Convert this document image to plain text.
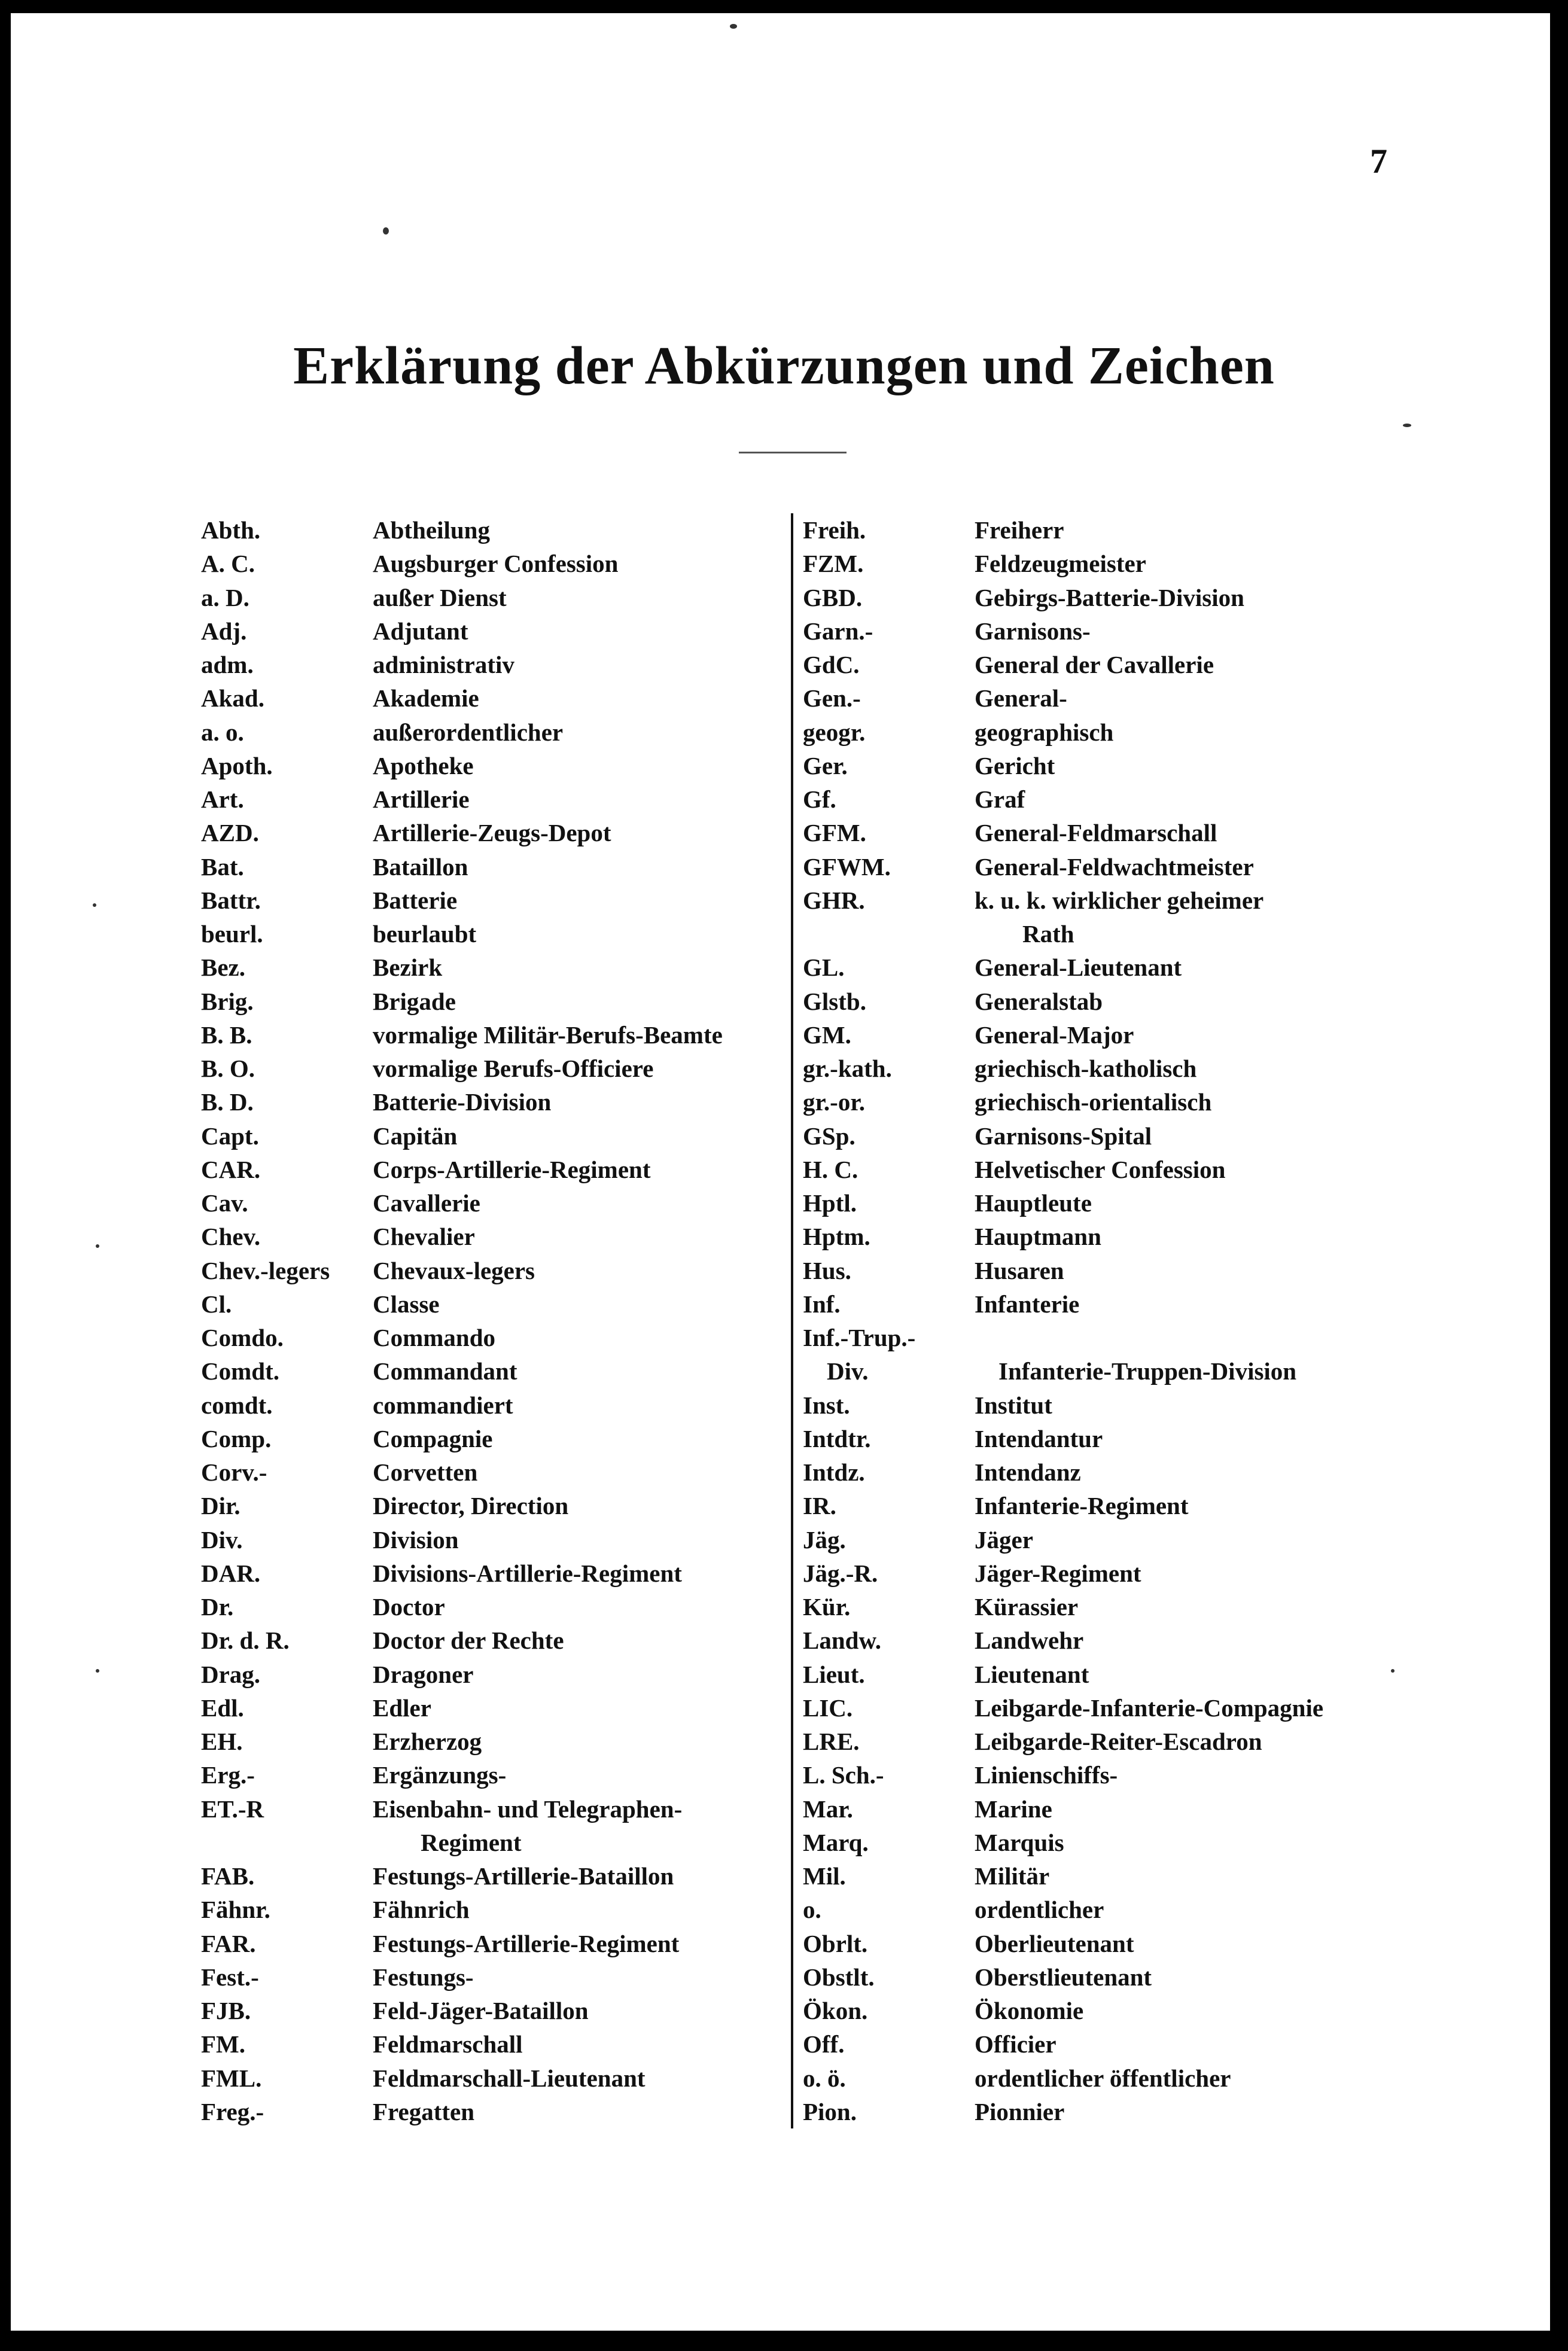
7
Erklärung der Abkürzungen und Zeichen
Abth.	Abtheilung
A. C.	Augsburger Confession
a. D.	außer Dienst
Adj.	Adjutant
adm.	administrativ
Akad.	Akademie
a. o.	außerordentlicher
Apoth.	Apotheke
Art.	Artillerie
AZD.	Artillerie-Zeugs-Depot
Bat.	Bataillon
Battr.	Batterie
beurl.	beurlaubt
Bez.	Bezirk
Brig.	Brigade
B. B.	vormalige Militär-Berufs-Beamte
B. O.	vormalige Berufs-Officiere
B. D.	Batterie-Division
Capt.	Capitän
CAR.	Corps-Artillerie-Regiment
Cav.	Cavallerie
Chev.	Chevalier
Chev.-legers	Chevaux-legers
Cl.	Classe
Comdo.	Commando
Comdt.	Commandant
comdt.	commandiert
Comp.	Compagnie
Corv.-	Corvetten
Dir.	Director, Direction
Div.	Division
DAR.	Divisions-Artillerie-Regiment
Dr.	Doctor
Dr. d. R.	Doctor der Rechte
Drag.	Dragoner
Edl.	Edler
EH.	Erzherzog
Erg.-	Ergänzungs-
ET.-R	Eisenbahn- und Telegraphen-
Regiment
FAB.	Festungs-Artillerie-Bataillon
Fähnr.	Fähnrich
FAR.	Festungs-Artillerie-Regiment
Fest.-	Festungs-
FJB.	Feld-Jäger-Bataillon
FM.	Feldmarschall
FML.	Feldmarschall-Lieutenant
Freg.-	Fregatten
Freih.	Freiherr
FZM.	Feldzeugmeister
GBD.	Gebirgs-Batterie-Division
Garn.-	Garnisons-
GdC.	General der Cavallerie
Gen.-	General-
geogr.	geographisch
Ger.	Gericht
Gf.	Graf
GFM.	General-Feldmarschall
GFWM.	General-Feldwachtmeister
GHR.	k. u. k. wirklicher geheimer
Rath
GL.	General-Lieutenant
Glstb.	Generalstab
GM.	General-Major
gr.-kath.	griechisch-katholisch
gr.-or.	griechisch-orientalisch
GSp.	Garnisons-Spital
H. C.	Helvetischer Confession
Hptl.	Hauptleute
Hptm.	Hauptmann
Hus.	Husaren
Inf.	Infanterie
Inf.-Trup.-
Div.	Infanterie-Truppen-Division
Inst.	Institut
Intdtr.	Intendantur
Intdz.	Intendanz
IR.	Infanterie-Regiment
Jäg.	Jäger
Jäg.-R.	Jäger-Regiment
Kür.	Kürassier
Landw.	Landwehr
Lieut.	Lieutenant
LIC.	Leibgarde-Infanterie-Compagnie
LRE.	Leibgarde-Reiter-Escadron
L. Sch.-	Linienschiffs-
Mar.	Marine
Marq.	Marquis
Mil.	Militär
o.	ordentlicher
Obrlt.	Oberlieutenant
Obstlt.	Oberstlieutenant
Ökon.	Ökonomie
Off.	Officier
o. ö.	ordentlicher öffentlicher
Pion.	Pionnier
